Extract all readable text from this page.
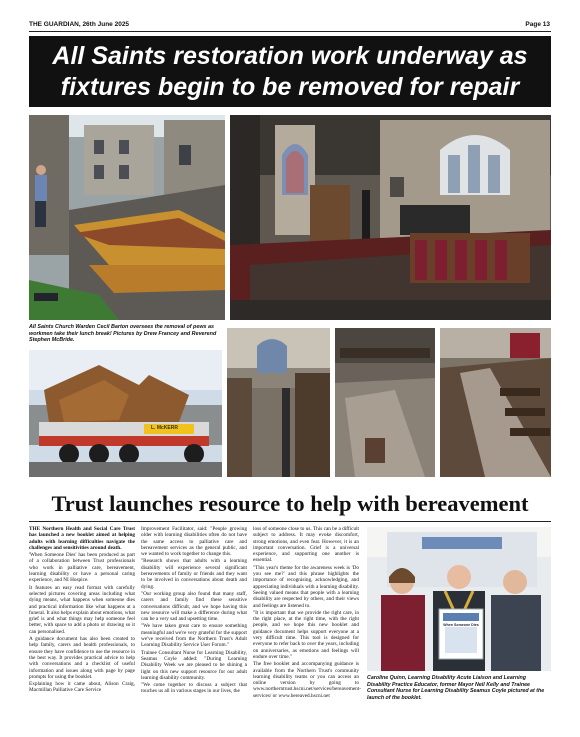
THE GUARDIAN, 26th June 2025	Page 13
All Saints restoration work underway as
fixtures begin to be removed for repair
All Saints Church Warden Cecil Barton oversees the removal of pews as workmen take their lunch break! Pictures by Drew Francey and Reverend Stephen McBride.
L. McKERR
Trust launches resource to help with bereavement

THE Northern Health and Social Care Trust has launched a new booklet aimed at helping adults with learning difficulties navigate the challenges and sensitivities around death.

'When Someone Dies' has been produced as part of a collaboration between Trust professionals who work in palliative care, bereavement, learning disability or have a personal caring experience, and NI Hospice.

It features an easy read format with carefully selected pictures covering areas including what dying means, what happens when someone dies and practical information like what happens at a funeral. It also helps explain about emotions, what grief is and what things may help someone feel better, with space to add a photo or drawing so it can personalised.

A guidance document has also been created to help family, carers and health professionals, to ensure they have confidence to use the resource in the best way. It provides practical advice to help with conversations and a checklist of useful information and issues along with page by page prompts for using the booklet.

Explaining how it came about, Alison Craig, Macmillan Palliative Care Service

Improvement Facilitator, said: "People growing older with learning disabilities often do not have the same access to palliative care and bereavement services as the general public, and we wanted to work together to change this.

"Research shows that adults with a learning disability will experience several significant bereavements of family or friends and they want to be involved in conversations about death and dying.

"Our working group also found that many staff, carers and family find these sensitive conversations difficult, and we hope having this new resource will make a difference during what can be a very sad and upsetting time.

"We have taken great care to ensure something meaningful and we're very grateful for the support we've received from the Northern Trust's Adult Learning Disability Service User Forum."

Trainee Consultant Nurse for Learning Disability, Seamus Coyle added: "During Learning Disability Week we are pleased to be shining a light on this new support resource for our adult learning disability community.

"We come together to discuss a subject that touches us all in various stages in our lives, the

loss of someone close to us. This can be a difficult subject to address. It may evoke discomfort, strong emotions, and even fear. However, it is an important conversation. Grief is a universal experience, and supporting one another is essential.

"This year's theme for the awareness week is 'Do you see me?' and this phrase highlights the importance of recognising, acknowledging, and appreciating individuals with a learning disability. Seeing valued means that people with a learning disability are respected by others, and their views and feelings are listened to.

"It is important that we provide the right care, in the right place, at the right time, with the right people, and we hope this new booklet and guidance document helps support everyone at a very difficult time. This tool is designed for everyone to refer back to over the years, including on anniversaries, as emotions and feelings will endure over time."

The free booklet and accompanying guidance is available from the Northern Trust's community learning disability teams or you can access an online version by going to www.northerntrust.hscni.net/services/bereavement-services/ or www.bereaved.hscni.net

When Someone Dies
Caroline Quinn, Learning Disability Acute Liaison and Learning Disability Practice Educator, former Mayor Neil Kelly and Trainee Consultant Nurse for Learning Disability Seamus Coyle pictured at the launch of the booklet.
